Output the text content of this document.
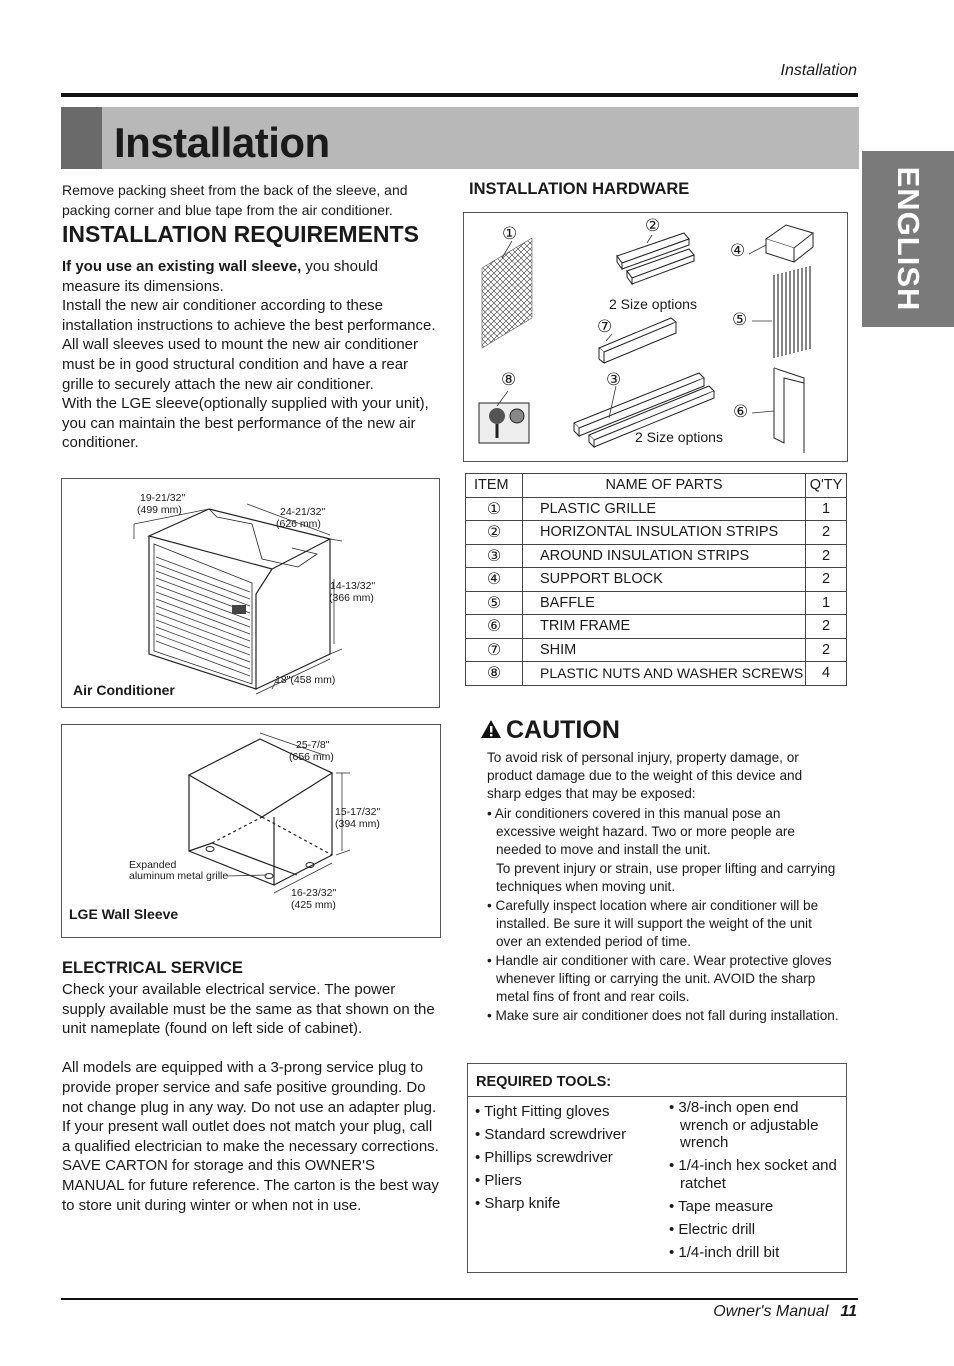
Installation
Installation
ENGLISH
Remove packing sheet from the back of the sleeve, and packing corner and blue tape from the air conditioner.
INSTALLATION REQUIREMENTS

If you use an existing wall sleeve, you should measure its dimensions.

Install the new air conditioner according to these installation instructions to achieve the best performance. All wall sleeves used to mount the new air conditioner must be in good structural condition and have a rear grille to securely attach the new air conditioner.

With the LGE sleeve(optionally supplied with your unit), you can maintain the best performance of the new air conditioner.

19-21/32"
(499 mm)	24-21/32"
(626 mm)
14-13/32"
(366 mm)
18"(458 mm)
Air Conditioner
25-7/8"
(656 mm)
15-17/32"
(394 mm)
Expanded
aluminum metal grille
16-23/32"
(425 mm)
LGE Wall Sleeve
ELECTRICAL SERVICE

Check your available electrical service. The power supply available must be the same as that shown on the unit nameplate (found on left side of cabinet).

All models are equipped with a 3-prong service plug to provide proper service and safe positive grounding. Do not change plug in any way. Do not use an adapter plug. If your present wall outlet does not match your plug, call a qualified electrician to make the necessary corrections. SAVE CARTON for storage and this OWNER'S MANUAL for future reference. The carton is the best way to store unit during winter or when not in use.

INSTALLATION HARDWARE
①	②
④
⑤
⑦
⑧	③
⑥
2 Size options
2 Size options
ITEM	NAME OF PARTS	Q'TY
①	PLASTIC GRILLE	1
②	HORIZONTAL INSULATION STRIPS	2
③	AROUND INSULATION STRIPS	2
④	SUPPORT BLOCK	2
⑤	BAFFLE	1
⑥	TRIM FRAME	2
⑦	SHIM	2
⑧	PLASTIC NUTS AND WASHER SCREWS	4
CAUTION

To avoid risk of personal injury, property damage, or product damage due to the weight of this device and sharp edges that may be exposed:

• Air conditioners covered in this manual pose an excessive weight hazard. Two or more people are needed to move and install the unit.
To prevent injury or strain, use proper lifting and carrying techniques when moving unit.
• Carefully inspect location where air conditioner will be installed. Be sure it will support the weight of the unit over an extended period of time.
• Handle air conditioner with care. Wear protective gloves whenever lifting or carrying the unit. AVOID the sharp metal fins of front and rear coils.
• Make sure air conditioner does not fall during installation.
REQUIRED TOOLS:
• Tight Fitting gloves
• Standard screwdriver
• Phillips screwdriver
• Pliers
• Sharp knife
• 3/8-inch open end wrench or adjustable wrench
• 1/4-inch hex socket and ratchet
• Tape measure
• Electric drill
• 1/4-inch drill bit
Owner's Manual 11
